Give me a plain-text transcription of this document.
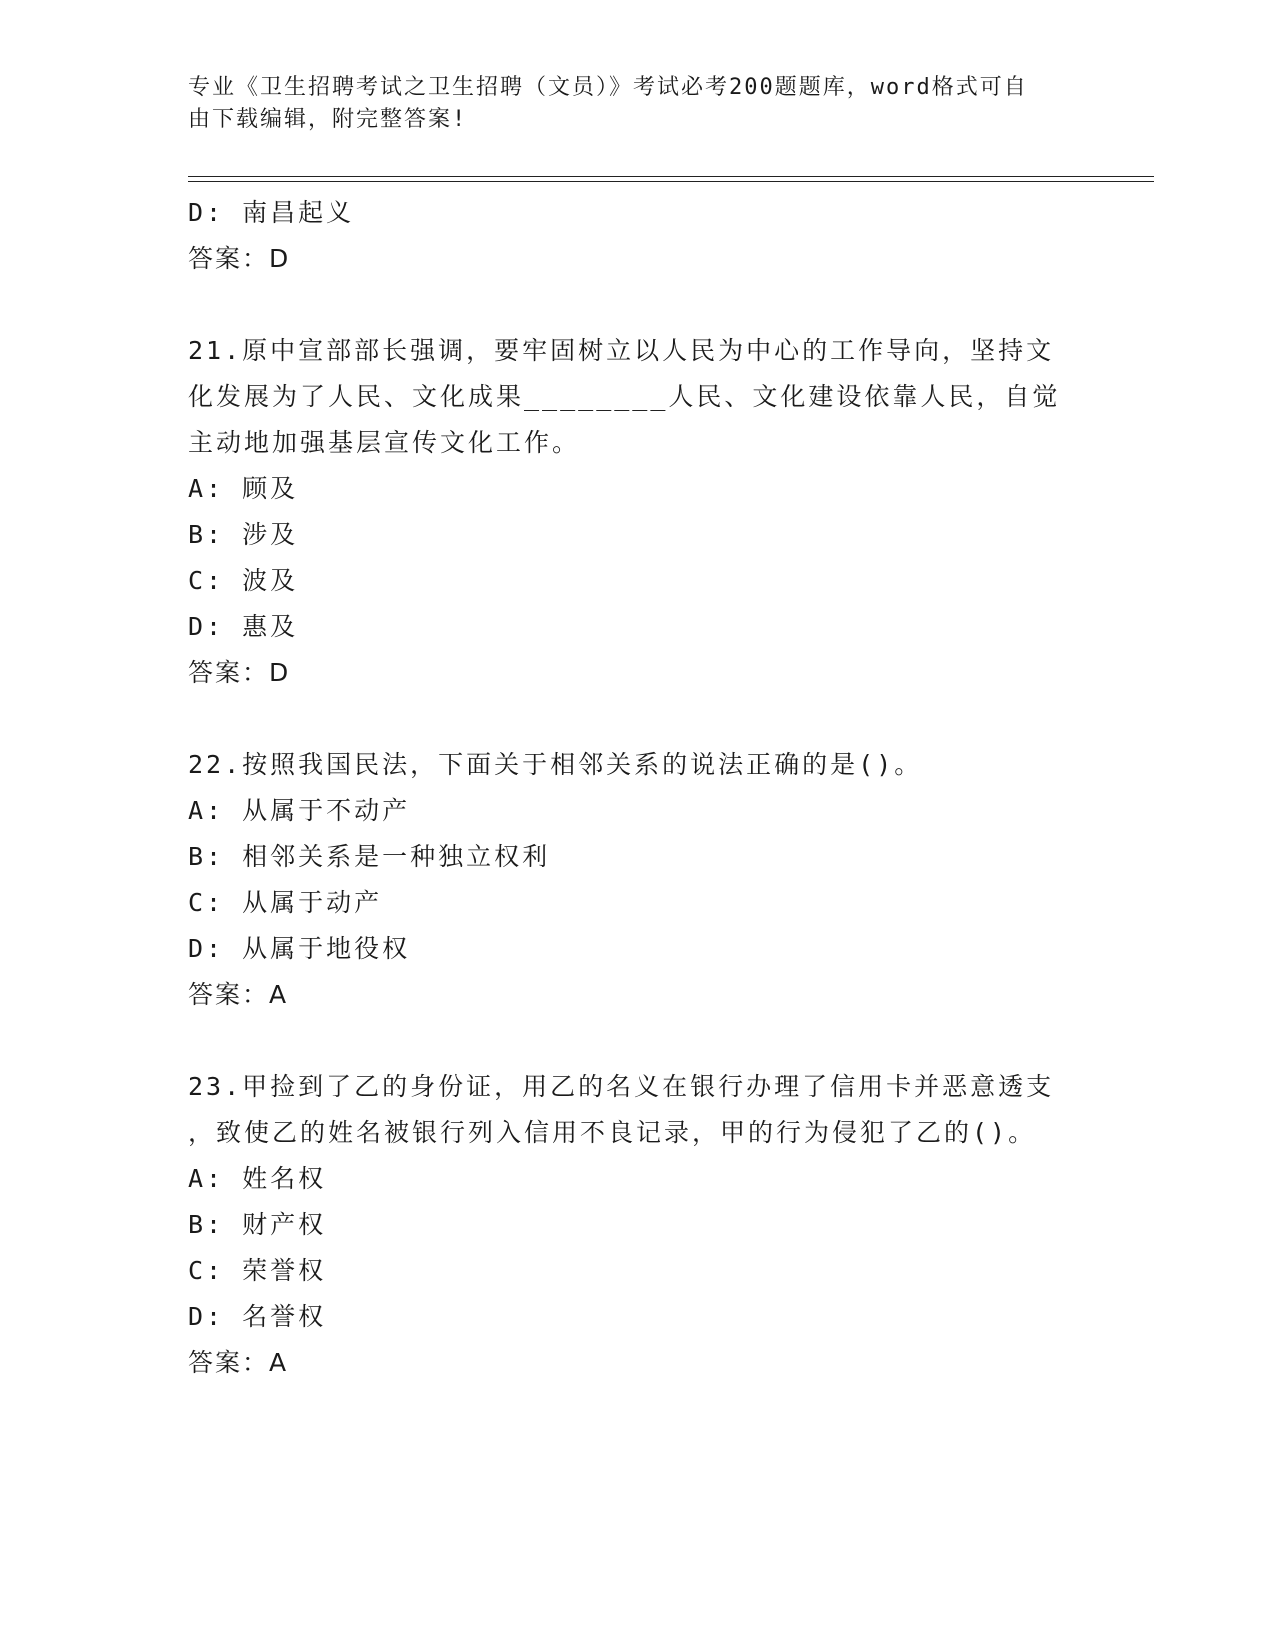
专业《卫生招聘考试之卫生招聘（文员）》考试必考200题题库，word格式可自
由下载编辑，附完整答案!
D: 南昌起义
答案：D
21.原中宣部部长强调，要牢固树立以人民为中心的工作导向，坚持文
化发展为了人民、文化成果________人民、文化建设依靠人民，自觉
主动地加强基层宣传文化工作。
A: 顾及
B: 涉及
C: 波及
D: 惠及
答案：D
22.按照我国民法，下面关于相邻关系的说法正确的是()。
A: 从属于不动产
B: 相邻关系是一种独立权利
C: 从属于动产
D: 从属于地役权
答案：A
23.甲捡到了乙的身份证，用乙的名义在银行办理了信用卡并恶意透支
，致使乙的姓名被银行列入信用不良记录，甲的行为侵犯了乙的()。
A: 姓名权
B: 财产权
C: 荣誉权
D: 名誉权
答案：A
